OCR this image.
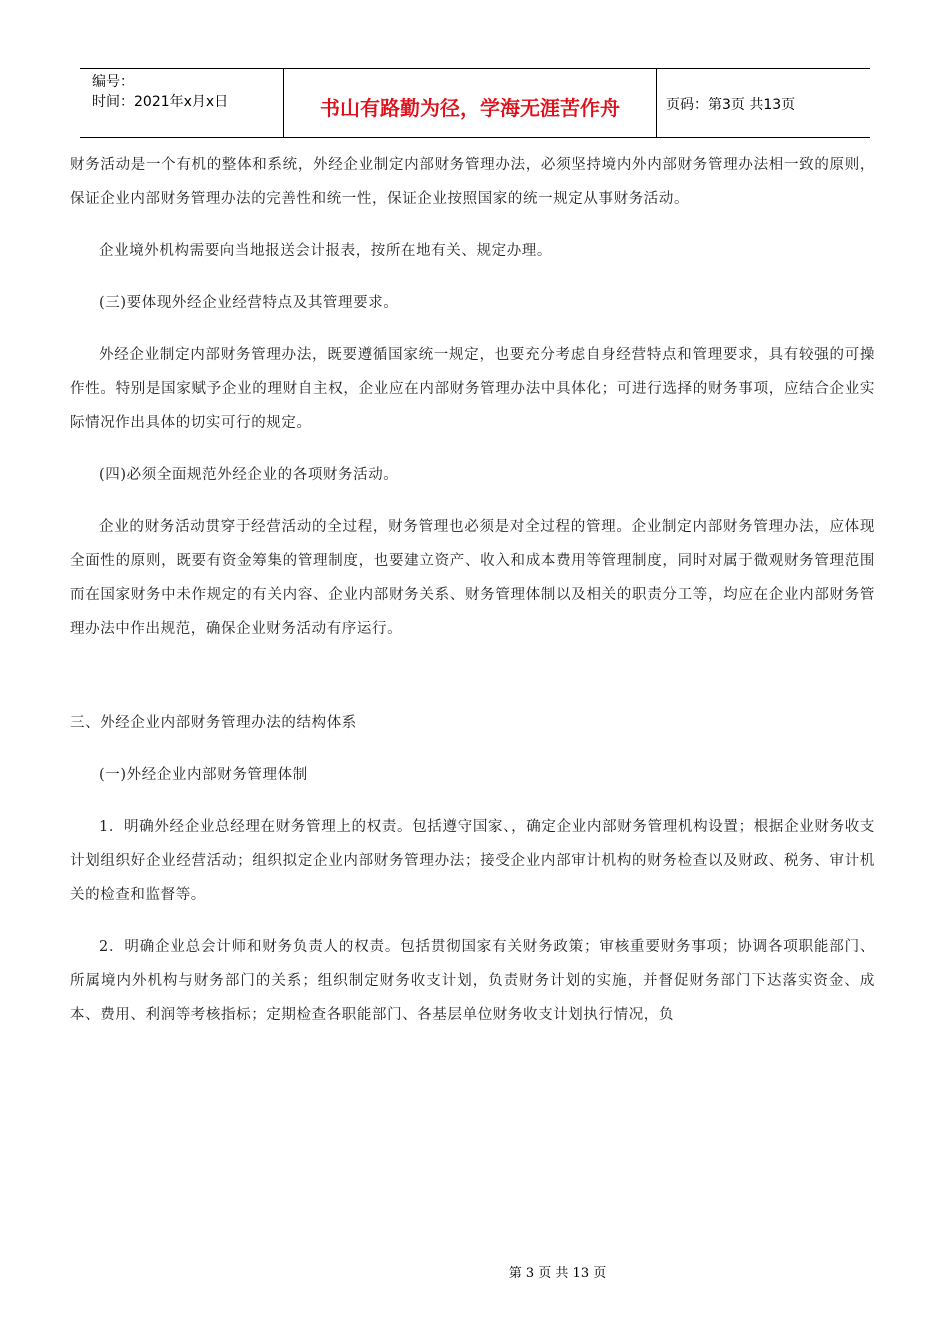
编号：
时间：2021年x月x日	书山有路勤为径，学海无涯苦作舟	页码：第3页 共13页

财务活动是一个有机的整体和系统，外经企业制定内部财务管理办法，必须坚持境内外内部财务管理办法相一致的原则，保证企业内部财务管理办法的完善性和统一性，保证企业按照国家的统一规定从事财务活动。

企业境外机构需要向当地报送会计报表，按所在地有关、规定办理。

(三)要体现外经企业经营特点及其管理要求。

外经企业制定内部财务管理办法，既要遵循国家统一规定，也要充分考虑自身经营特点和管理要求，具有较强的可操作性。特别是国家赋予企业的理财自主权，企业应在内部财务管理办法中具体化；可进行选择的财务事项，应结合企业实际情况作出具体的切实可行的规定。

(四)必须全面规范外经企业的各项财务活动。

企业的财务活动贯穿于经营活动的全过程，财务管理也必须是对全过程的管理。企业制定内部财务管理办法，应体现全面性的原则，既要有资金筹集的管理制度，也要建立资产、收入和成本费用等管理制度，同时对属于微观财务管理范围而在国家财务中未作规定的有关内容、企业内部财务关系、财务管理体制以及相关的职责分工等，均应在企业内部财务管理办法中作出规范，确保企业财务活动有序运行。

三、外经企业内部财务管理办法的结构体系

(一)外经企业内部财务管理体制

1．明确外经企业总经理在财务管理上的权责。包括遵守国家、，确定企业内部财务管理机构设置；根据企业财务收支计划组织好企业经营活动；组织拟定企业内部财务管理办法；接受企业内部审计机构的财务检查以及财政、税务、审计机关的检查和监督等。

2．明确企业总会计师和财务负责人的权责。包括贯彻国家有关财务政策；审核重要财务事项；协调各项职能部门、所属境内外机构与财务部门的关系；组织制定财务收支计划，负责财务计划的实施，并督促财务部门下达落实资金、成本、费用、利润等考核指标；定期检查各职能部门、各基层单位财务收支计划执行情况，负

第 3 页 共 13 页
